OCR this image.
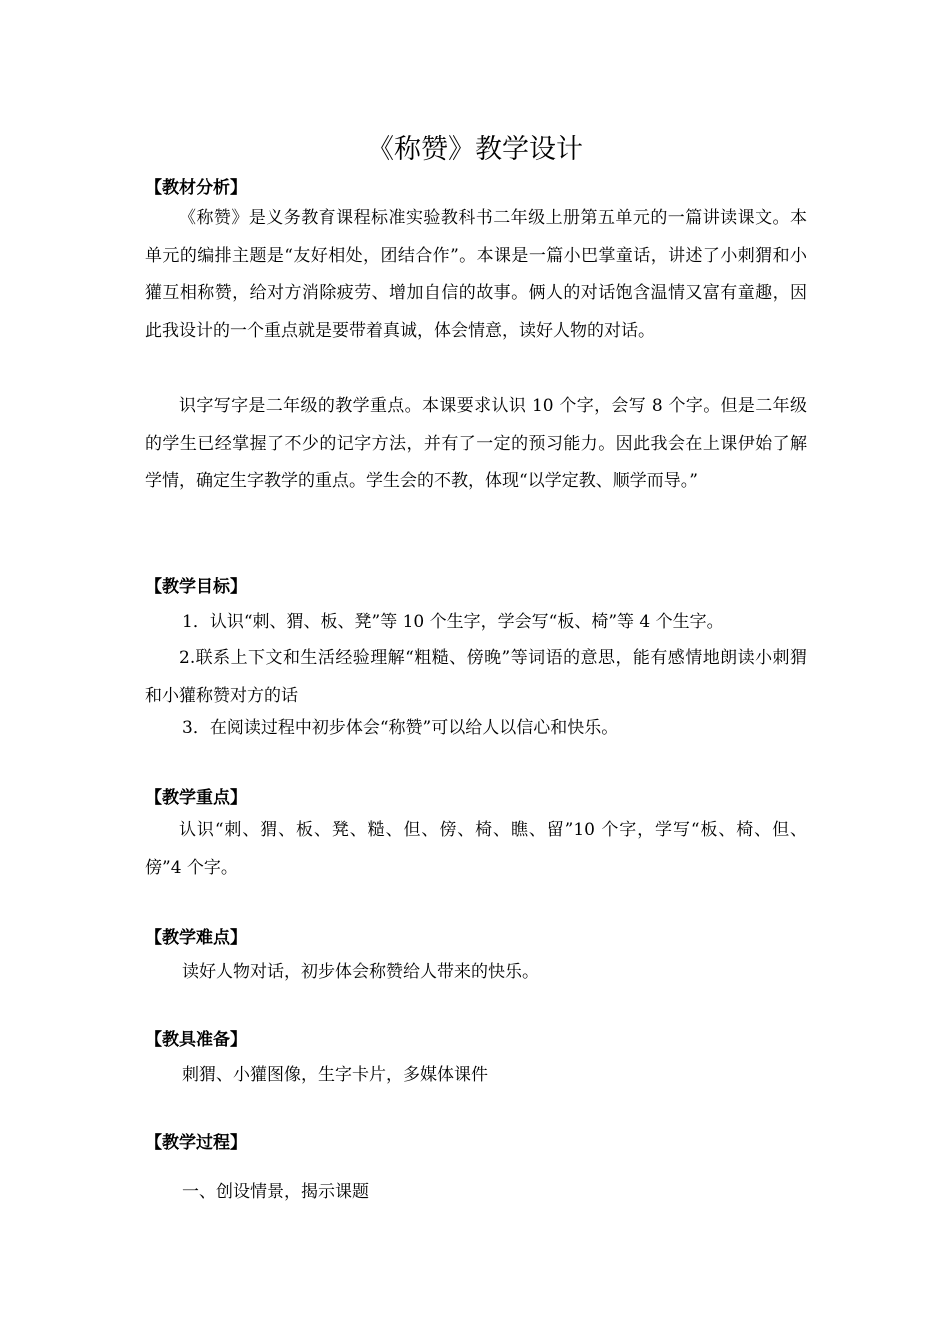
《称赞》教学设计
【教材分析】

《称赞》是义务教育课程标准实验教科书二年级上册第五单元的一篇讲读课文。本单元的编排主题是“友好相处，团结合作”。本课是一篇小巴掌童话，讲述了小刺猬和小獾互相称赞，给对方消除疲劳、增加自信的故事。俩人的对话饱含温情又富有童趣，因此我设计的一个重点就是要带着真诚，体会情意，读好人物的对话。

识字写字是二年级的教学重点。本课要求认识 10 个字，会写 8 个字。但是二年级的学生已经掌握了不少的记字方法，并有了一定的预习能力。因此我会在上课伊始了解学情，确定生字教学的重点。学生会的不教，体现“以学定教、顺学而导。”

【教学目标】
1．认识“刺、猬、板、凳”等 10 个生字，学会写“板、椅”等 4 个生字。

2.联系上下文和生活经验理解“粗糙、傍晚”等词语的意思，能有感情地朗读小刺猬和小獾称赞对方的话

3．在阅读过程中初步体会“称赞”可以给人以信心和快乐。
【教学重点】

认识“刺、猬、板、凳、糙、但、傍、椅、瞧、留”10 个字，学写“板、椅、但、傍”4 个字。

【教学难点】
读好人物对话，初步体会称赞给人带来的快乐。
【教具准备】
刺猬、小獾图像，生字卡片，多媒体课件
【教学过程】
一、创设情景，揭示课题
